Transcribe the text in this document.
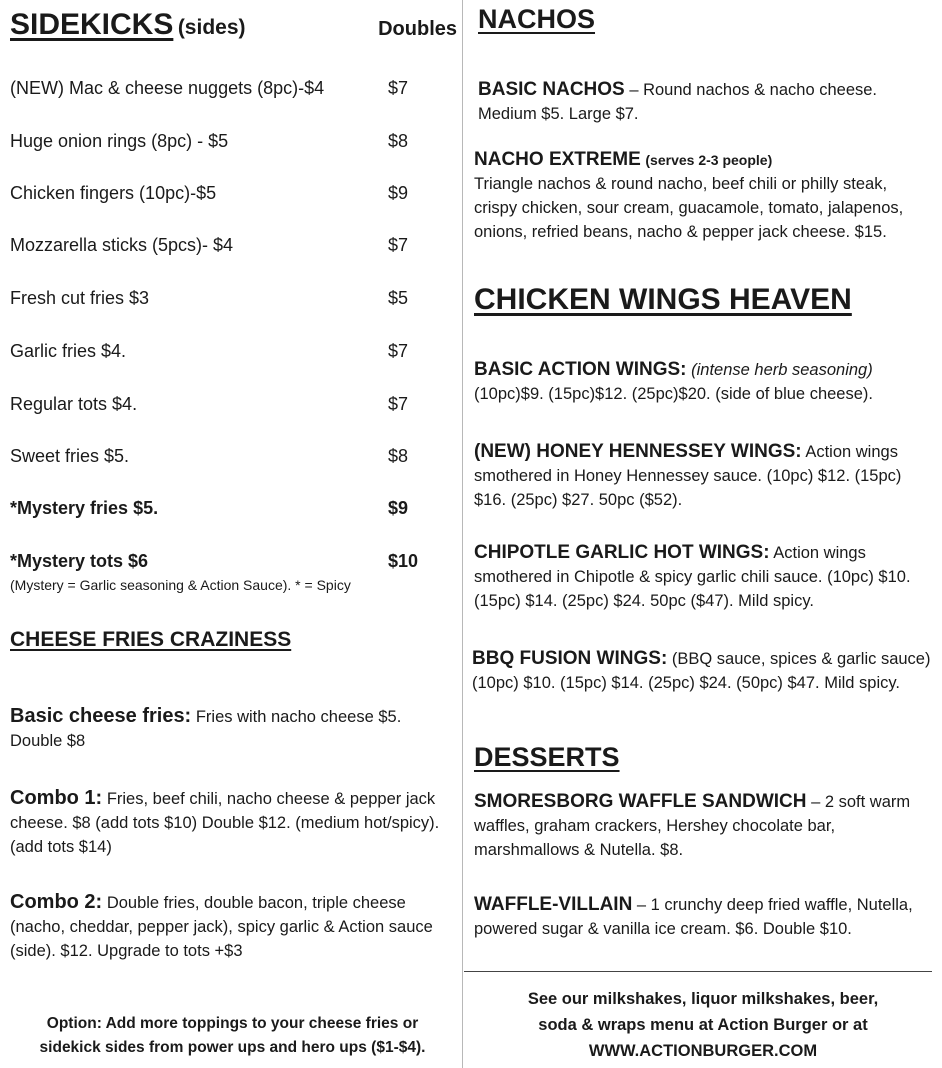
SIDEKICKS (sides)	Doubles
(NEW) Mac & cheese nuggets (8pc)-$4	$7
Huge onion rings (8pc) - $5	$8
Chicken fingers (10pc)-$5	$9
Mozzarella sticks (5pcs)- $4	$7
Fresh cut fries $3	$5
Garlic fries $4.	$7
Regular tots $4.	$7
Sweet fries $5.	$8
*Mystery fries $5.	$9
*Mystery tots $6	$10
(Mystery = Garlic seasoning & Action Sauce). * = Spicy
CHEESE FRIES CRAZINESS
Basic cheese fries: Fries with nacho cheese $5. Double $8
Combo 1: Fries, beef chili, nacho cheese & pepper jack cheese. $8 (add tots $10) Double $12. (medium hot/spicy). (add tots $14)
Combo 2: Double fries, double bacon, triple cheese (nacho, cheddar, pepper jack), spicy garlic & Action sauce (side). $12. Upgrade to tots +$3
Option: Add more toppings to your cheese fries or
sidekick sides from power ups and hero ups ($1-$4).
NACHOS
BASIC NACHOS – Round nachos & nacho cheese. Medium $5. Large $7.
NACHO EXTREME (serves 2-3 people)
Triangle nachos & round nacho, beef chili or philly steak, crispy chicken, sour cream, guacamole, tomato, jalapenos, onions, refried beans, nacho & pepper jack cheese. $15.
CHICKEN WINGS HEAVEN
BASIC ACTION WINGS: (intense herb seasoning)
(10pc)$9. (15pc)$12. (25pc)$20. (side of blue cheese).
(NEW) HONEY HENNESSEY WINGS: Action wings smothered in Honey Hennessey sauce. (10pc) $12. (15pc) $16. (25pc) $27. 50pc ($52).
CHIPOTLE GARLIC HOT WINGS: Action wings smothered in Chipotle & spicy garlic chili sauce. (10pc) $10. (15pc) $14. (25pc) $24. 50pc ($47). Mild spicy.
BBQ FUSION WINGS: (BBQ sauce, spices & garlic sauce) (10pc) $10. (15pc) $14. (25pc) $24. (50pc) $47. Mild spicy.
DESSERTS
SMORESBORG WAFFLE SANDWICH – 2 soft warm waffles, graham crackers, Hershey chocolate bar, marshmallows & Nutella. $8.
WAFFLE-VILLAIN – 1 crunchy deep fried waffle, Nutella, powered sugar & vanilla ice cream. $6. Double $10.
See our milkshakes, liquor milkshakes, beer,
soda & wraps menu at Action Burger or at
WWW.ACTIONBURGER.COM
